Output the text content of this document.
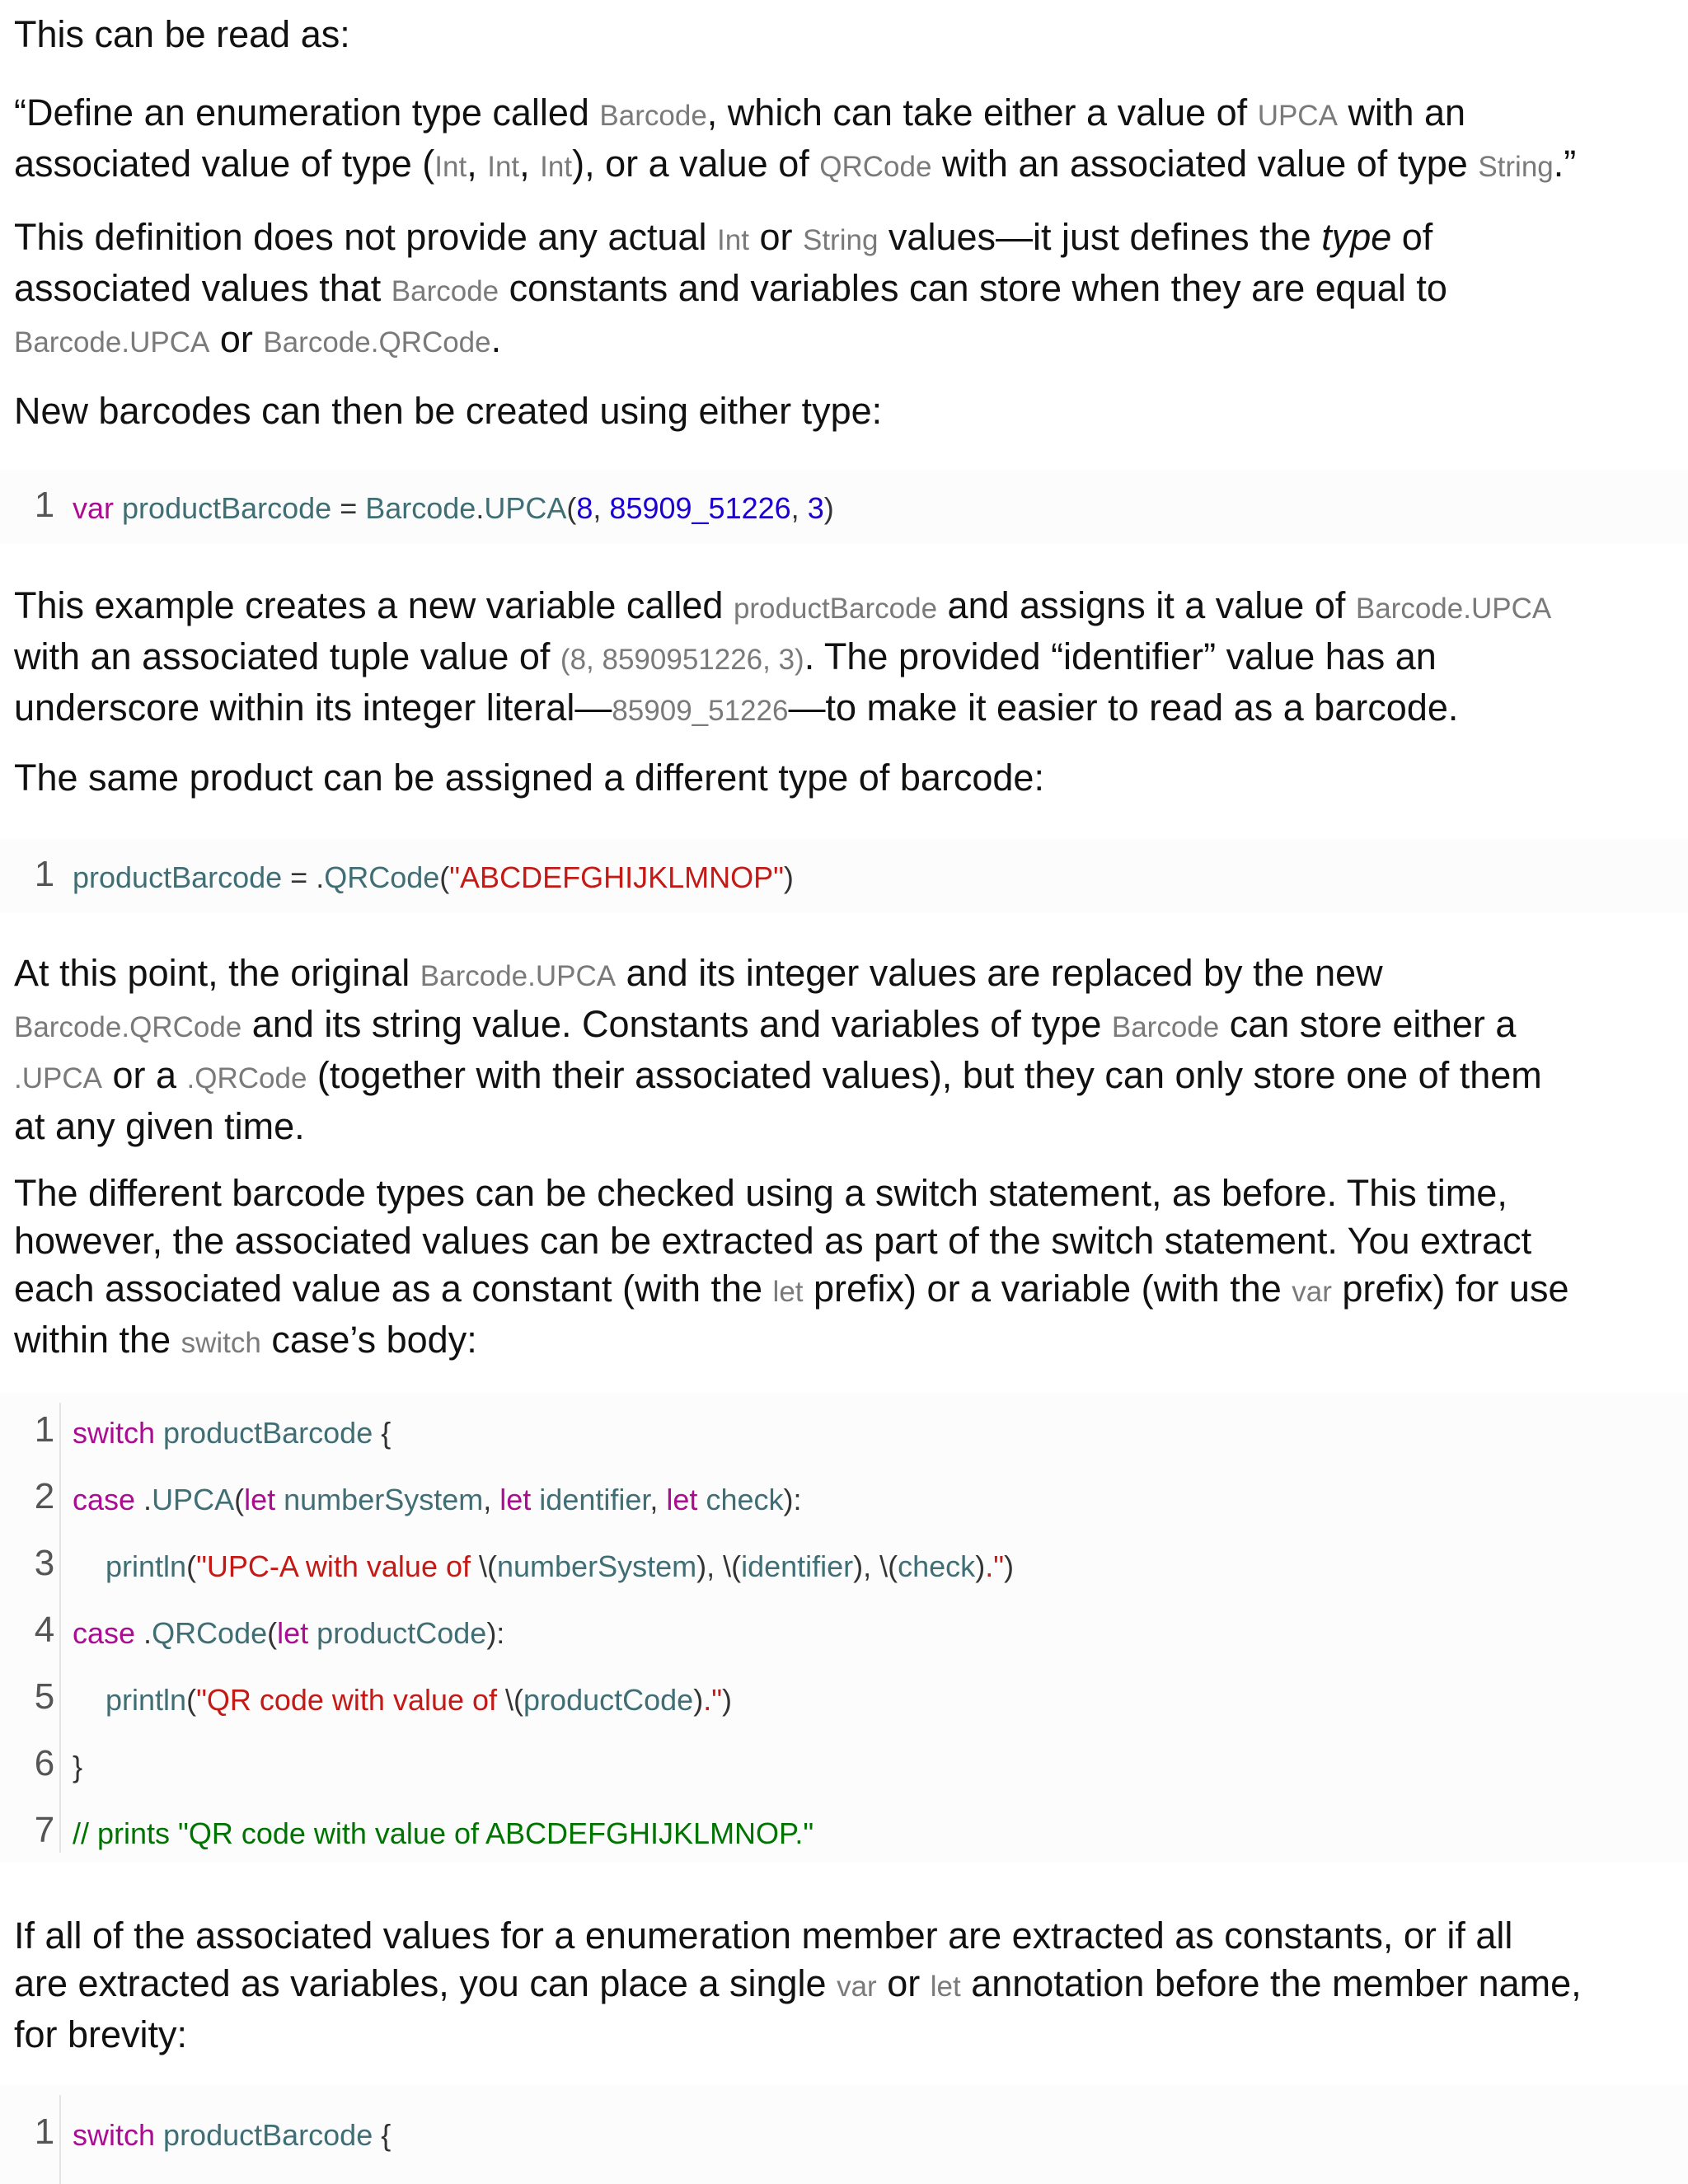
This can be read as:

“Define an enumeration type called Barcode, which can take either a value of UPCA with an
associated value of type (Int, Int, Int), or a value of QRCode with an associated value of type String.”

This definition does not provide any actual Int or String values—it just defines the type of
associated values that Barcode constants and variables can store when they are equal to
Barcode.UPCA or Barcode.QRCode.

New barcodes can then be created using either type:

1 var productBarcode = Barcode.UPCA(8, 85909_51226, 3)

This example creates a new variable called productBarcode and assigns it a value of Barcode.UPCA
with an associated tuple value of (8, 8590951226, 3). The provided “identifier” value has an
underscore within its integer literal—85909_51226—to make it easier to read as a barcode.

The same product can be assigned a different type of barcode:

1 productBarcode = .QRCode("ABCDEFGHIJKLMNOP")

At this point, the original Barcode.UPCA and its integer values are replaced by the new
Barcode.QRCode and its string value. Constants and variables of type Barcode can store either a
.UPCA or a .QRCode (together with their associated values), but they can only store one of them
at any given time.

The different barcode types can be checked using a switch statement, as before. This time,
however, the associated values can be extracted as part of the switch statement. You extract
each associated value as a constant (with the let prefix) or a variable (with the var prefix) for use
within the switch case’s body:

1 switch productBarcode {
2 case .UPCA(let numberSystem, let identifier, let check):
3	println("UPC-A with value of \(numberSystem), \(identifier), \(check).")
4 case .QRCode(let productCode):
5	println("QR code with value of \(productCode).")
6 }
7 // prints "QR code with value of ABCDEFGHIJKLMNOP."

If all of the associated values for a enumeration member are extracted as constants, or if all
are extracted as variables, you can place a single var or let annotation before the member name,
for brevity:

1 switch productBarcode {
